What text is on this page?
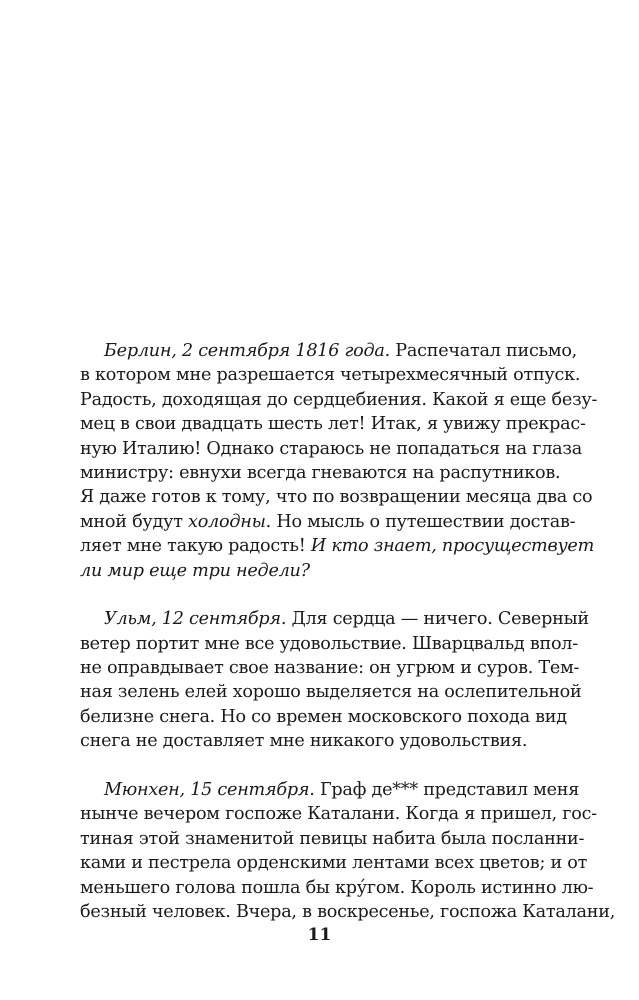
Берлин, 2 сентября 1816 года. Распечатал письмо,
в котором мне разрешается четырехмесячный отпуск.
Радость, доходящая до сердцебиения. Какой я еще безу-
мец в свои двадцать шесть лет! Итак, я увижу прекрас-
ную Италию! Однако стараюсь не попадаться на глаза
министру: евнухи всегда гневаются на распутников.
Я даже готов к тому, что по возвращении месяца два со
мной будут холодны. Но мысль о путешествии достав-
ляет мне такую радость! И кто знает, просуществует
ли мир еще три недели?
Ульм, 12 сентября. Для сердца — ничего. Северный
ветер портит мне все удовольствие. Шварцвальд впол-
не оправдывает свое название: он угрюм и суров. Тем-
ная зелень елей хорошо выделяется на ослепительной
белизне снега. Но со времен московского похода вид
снега не доставляет мне никакого удовольствия.
Мюнхен, 15 сентября. Граф де*** представил меня
нынче вечером госпоже Каталани. Когда я пришел, гос-
тиная этой знаменитой певицы набита была посланни-
ками и пестрела орденскими лентами всех цветов; и от
меньшего голова пошла бы кру́гом. Король истинно лю-
безный человек. Вчера, в воскресенье, госпожа Каталани,
11
